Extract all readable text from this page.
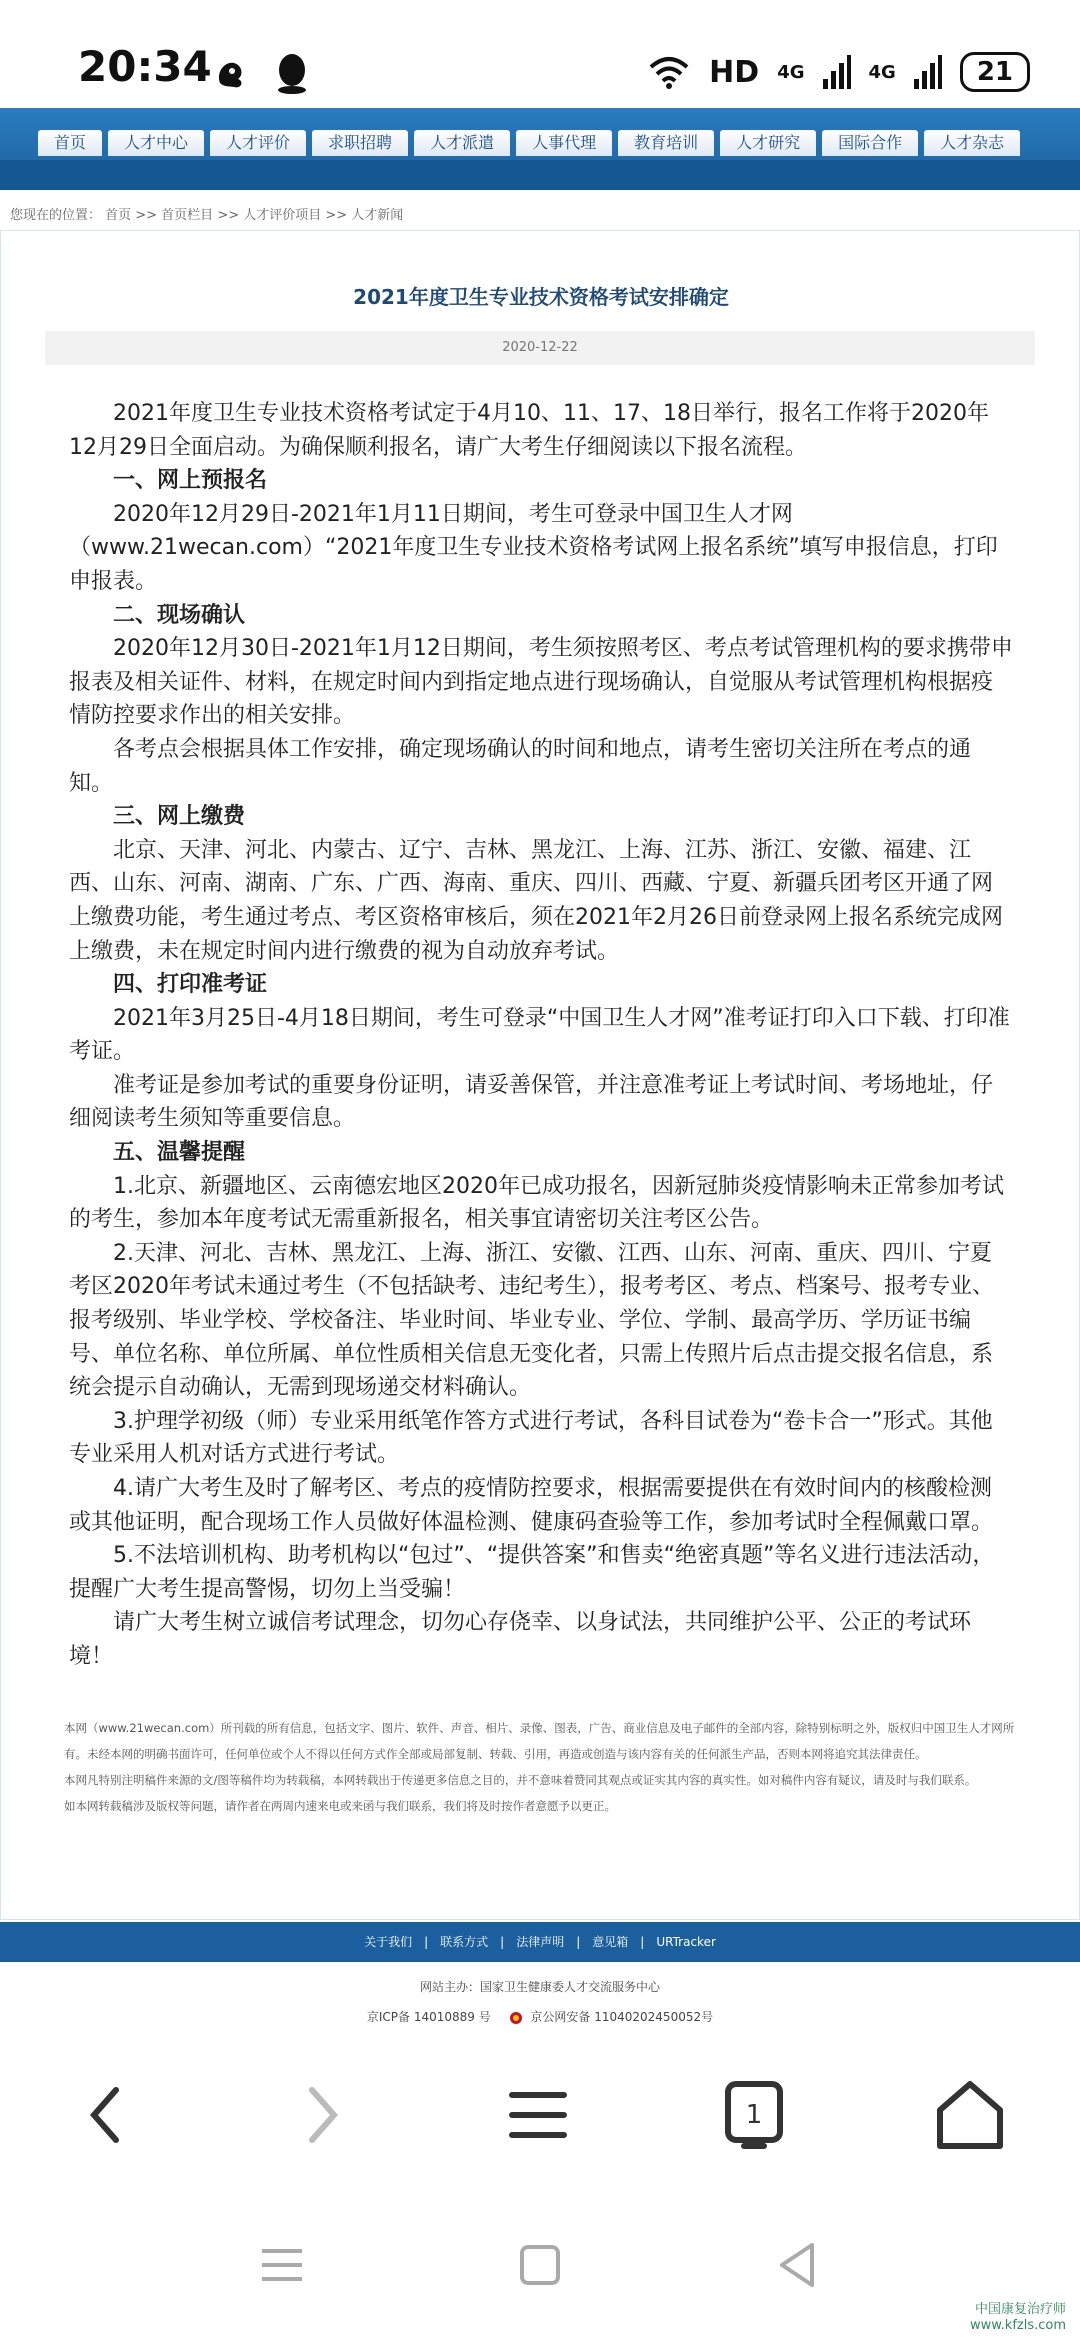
20:34	HD 4G	4G	21
首页	人才中心	人才评价	求职招聘	人才派遣	人事代理	教育培训	人才研究	国际合作	人才杂志
您现在的位置： 首页 >> 首页栏目 >> 人才评价项目 >> 人才新闻
2021年度卫生专业技术资格考试安排确定
2020-12-22

2021年度卫生专业技术资格考试定于4月10、11、17、18日举行，报名工作将于2020年12月29日全面启动。为确保顺利报名，请广大考生仔细阅读以下报名流程。

一、网上预报名

2020年12月29日-2021年1月11日期间，考生可登录中国卫生人才网（www.21wecan.com）“2021年度卫生专业技术资格考试网上报名系统”填写申报信息，打印申报表。

二、现场确认

2020年12月30日-2021年1月12日期间，考生须按照考区、考点考试管理机构的要求携带申报表及相关证件、材料，在规定时间内到指定地点进行现场确认，自觉服从考试管理机构根据疫情防控要求作出的相关安排。

各考点会根据具体工作安排，确定现场确认的时间和地点，请考生密切关注所在考点的通知。

三、网上缴费

北京、天津、河北、内蒙古、辽宁、吉林、黑龙江、上海、江苏、浙江、安徽、福建、江西、山东、河南、湖南、广东、广西、海南、重庆、四川、西藏、宁夏、新疆兵团考区开通了网上缴费功能，考生通过考点、考区资格审核后，须在2021年2月26日前登录网上报名系统完成网上缴费，未在规定时间内进行缴费的视为自动放弃考试。

四、打印准考证

2021年3月25日-4月18日期间，考生可登录“中国卫生人才网”准考证打印入口下载、打印准考证。

准考证是参加考试的重要身份证明，请妥善保管，并注意准考证上考试时间、考场地址，仔细阅读考生须知等重要信息。

五、温馨提醒

1.北京、新疆地区、云南德宏地区2020年已成功报名，因新冠肺炎疫情影响未正常参加考试的考生，参加本年度考试无需重新报名，相关事宜请密切关注考区公告。

2.天津、河北、吉林、黑龙江、上海、浙江、安徽、江西、山东、河南、重庆、四川、宁夏考区2020年考试未通过考生（不包括缺考、违纪考生），报考考区、考点、档案号、报考专业、报考级别、毕业学校、学校备注、毕业时间、毕业专业、学位、学制、最高学历、学历证书编号、单位名称、单位所属、单位性质相关信息无变化者，只需上传照片后点击提交报名信息，系统会提示自动确认，无需到现场递交材料确认。

3.护理学初级（师）专业采用纸笔作答方式进行考试，各科目试卷为“卷卡合一”形式。其他专业采用人机对话方式进行考试。

4.请广大考生及时了解考区、考点的疫情防控要求，根据需要提供在有效时间内的核酸检测或其他证明，配合现场工作人员做好体温检测、健康码查验等工作，参加考试时全程佩戴口罩。

5.不法培训机构、助考机构以“包过”、“提供答案”和售卖“绝密真题”等名义进行违法活动，提醒广大考生提高警惕，切勿上当受骗！

请广大考生树立诚信考试理念，切勿心存侥幸、以身试法，共同维护公平、公正的考试环境！

本网（www.21wecan.com）所刊载的所有信息，包括文字、图片、软件、声音、相片、录像、图表，广告、商业信息及电子邮件的全部内容，除特别标明之外，版权归中国卫生人才网所有。未经本网的明确书面许可，任何单位或个人不得以任何方式作全部或局部复制、转载、引用，再造或创造与该内容有关的任何派生产品，否则本网将追究其法律责任。
本网凡特别注明稿件来源的文/图等稿件均为转载稿，本网转载出于传递更多信息之目的，并不意味着赞同其观点或证实其内容的真实性。如对稿件内容有疑议，请及时与我们联系。
如本网转载稿涉及版权等问题，请作者在两周内速来电或来函与我们联系，我们将及时按作者意愿予以更正。
关于我们 | 联系方式 | 法律声明 | 意见箱 | URTracker
网站主办：国家卫生健康委人才交流服务中心
京ICP备 14010889 号	京公网安备 11040202450052号
1
中国康复治疗师
www.kfzls.com
